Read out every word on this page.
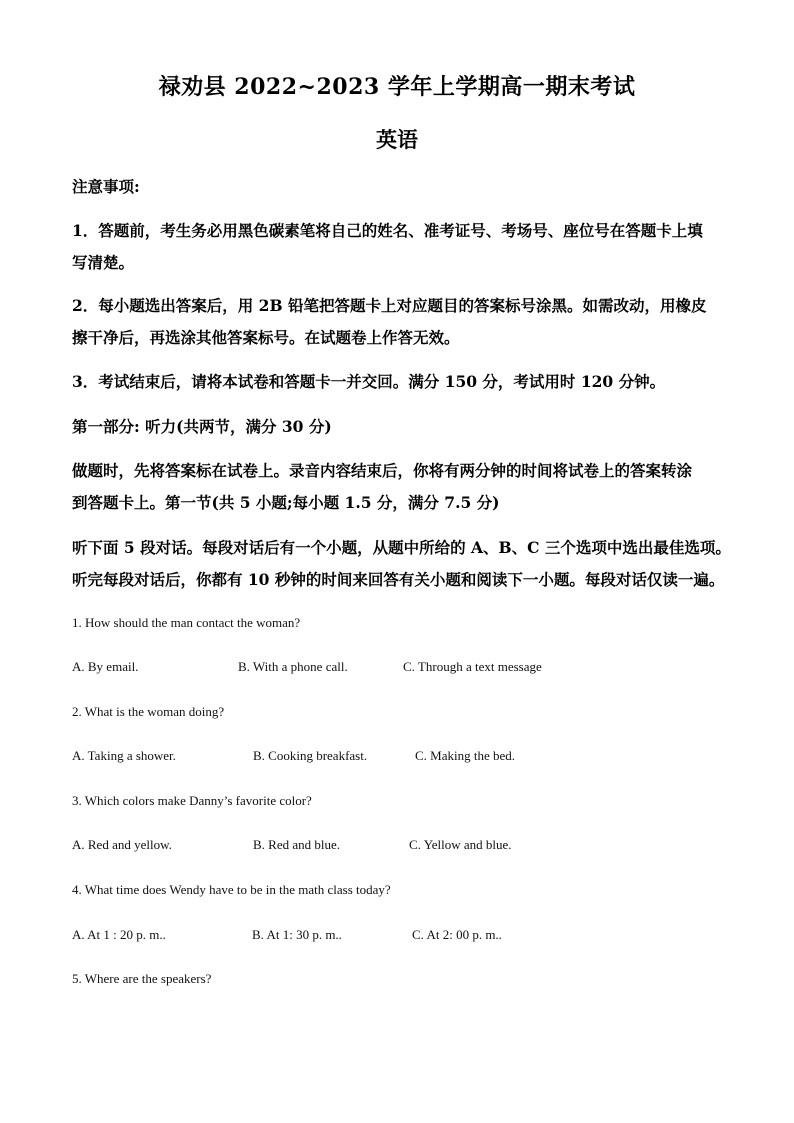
禄劝县 2022~2023 学年上学期高一期末考试
英语
注意事项:
1．答题前，考生务必用黑色碳素笔将自己的姓名、准考证号、考场号、座位号在答题卡上填
写清楚。
2．每小题选出答案后，用 2B 铅笔把答题卡上对应题目的答案标号涂黑。如需改动，用橡皮
擦干净后，再选涂其他答案标号。在试题卷上作答无效。
3．考试结束后，请将本试卷和答题卡一并交回。满分 150 分，考试用时 120 分钟。
第一部分: 听力(共两节，满分 30 分)
做题时，先将答案标在试卷上。录音内容结束后，你将有两分钟的时间将试卷上的答案转涂
到答题卡上。第一节(共 5 小题;每小题 1.5 分，满分 7.5 分)
听下面 5 段对话。每段对话后有一个小题，从题中所给的 A、B、C 三个选项中选出最佳选项。
听完每段对话后，你都有 10 秒钟的时间来回答有关小题和阅读下一小题。每段对话仅读一遍。
1. How should the man contact the woman?
A. By email.	B. With a phone call.	C. Through a text message
2. What is the woman doing?
A. Taking a shower.	B. Cooking breakfast.	C. Making the bed.
3. Which colors make Danny’s favorite color?
A. Red and yellow.	B. Red and blue.	C. Yellow and blue.
4. What time does Wendy have to be in the math class today?
A. At 1 : 20 p. m..	B. At 1: 30 p. m..	C. At 2: 00 p. m..
5. Where are the speakers?
